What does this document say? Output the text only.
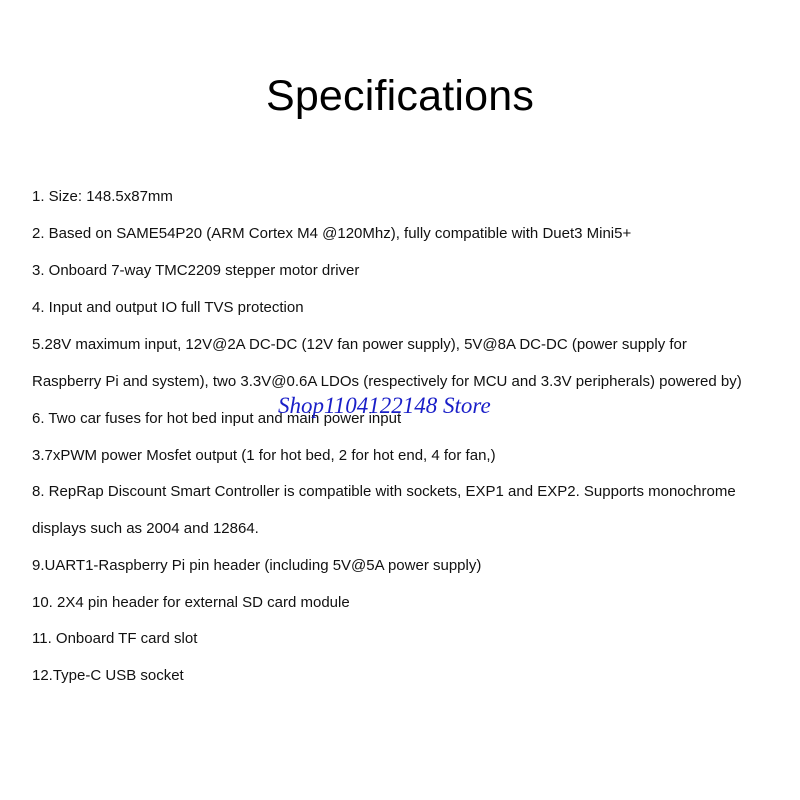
Specifications
1. Size: 148.5x87mm
2. Based on SAME54P20 (ARM Cortex M4 @120Mhz), fully compatible with Duet3 Mini5+
3. Onboard 7-way TMC2209 stepper motor driver
4. Input and output IO full TVS protection
5.28V maximum input, 12V@2A DC-DC (12V fan power supply), 5V@8A DC-DC (power supply for
Raspberry Pi and system), two 3.3V@0.6A LDOs (respectively for MCU and 3.3V peripherals) powered by)
6. Two car fuses for hot bed input and main power input
3.7xPWM power Mosfet output (1 for hot bed, 2 for hot end, 4 for fan,)
8. RepRap Discount Smart Controller is compatible with sockets, EXP1 and EXP2. Supports monochrome
displays such as 2004 and 12864.
9.UART1-Raspberry Pi pin header (including 5V@5A power supply)
10. 2X4 pin header for external SD card module
11. Onboard TF card slot
12.Type-C USB socket
Shop1104122148 Store
